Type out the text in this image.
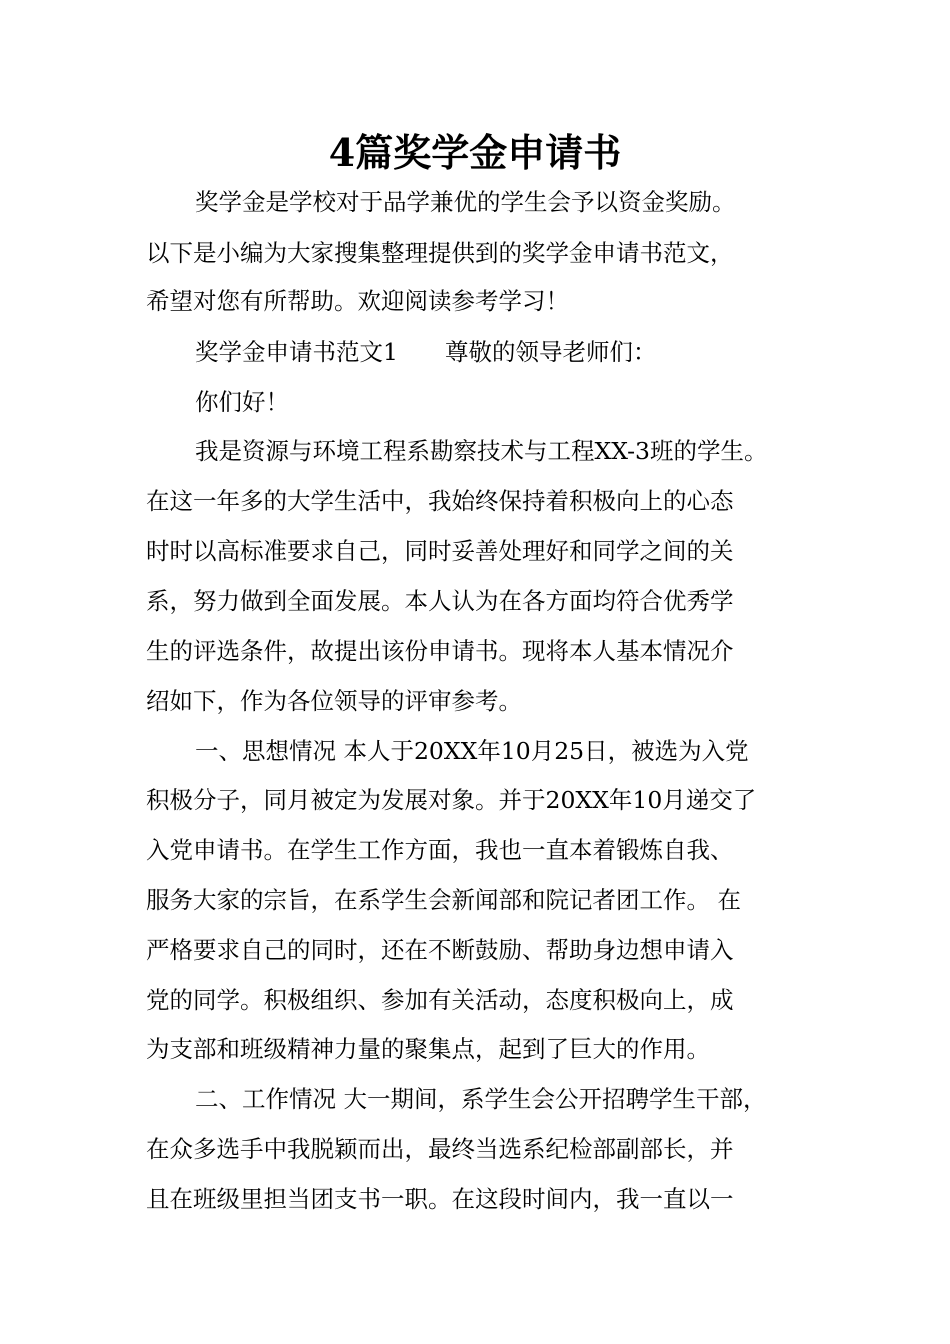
4篇奖学金申请书
奖学金是学校对于品学兼优的学生会予以资金奖励。
以下是小编为大家搜集整理提供到的奖学金申请书范文，
希望对您有所帮助。欢迎阅读参考学习！
奖学金申请书范文1　　尊敬的领导老师们：
你们好！
我是资源与环境工程系勘察技术与工程XX-3班的学生。
在这一年多的大学生活中，我始终保持着积极向上的心态
时时以高标准要求自己，同时妥善处理好和同学之间的关
系，努力做到全面发展。本人认为在各方面均符合优秀学
生的评选条件，故提出该份申请书。现将本人基本情况介
绍如下，作为各位领导的评审参考。
一、思想情况 本人于20XX年10月25日，被选为入党
积极分子，同月被定为发展对象。并于20XX年10月递交了
入党申请书。在学生工作方面，我也一直本着锻炼自我、
服务大家的宗旨，在系学生会新闻部和院记者团工作。 在
严格要求自己的同时，还在不断鼓励、帮助身边想申请入
党的同学。积极组织、参加有关活动，态度积极向上，成
为支部和班级精神力量的聚集点，起到了巨大的作用。
二、工作情况 大一期间，系学生会公开招聘学生干部，
在众多选手中我脱颖而出，最终当选系纪检部副部长，并
且在班级里担当团支书一职。在这段时间内，我一直以一
